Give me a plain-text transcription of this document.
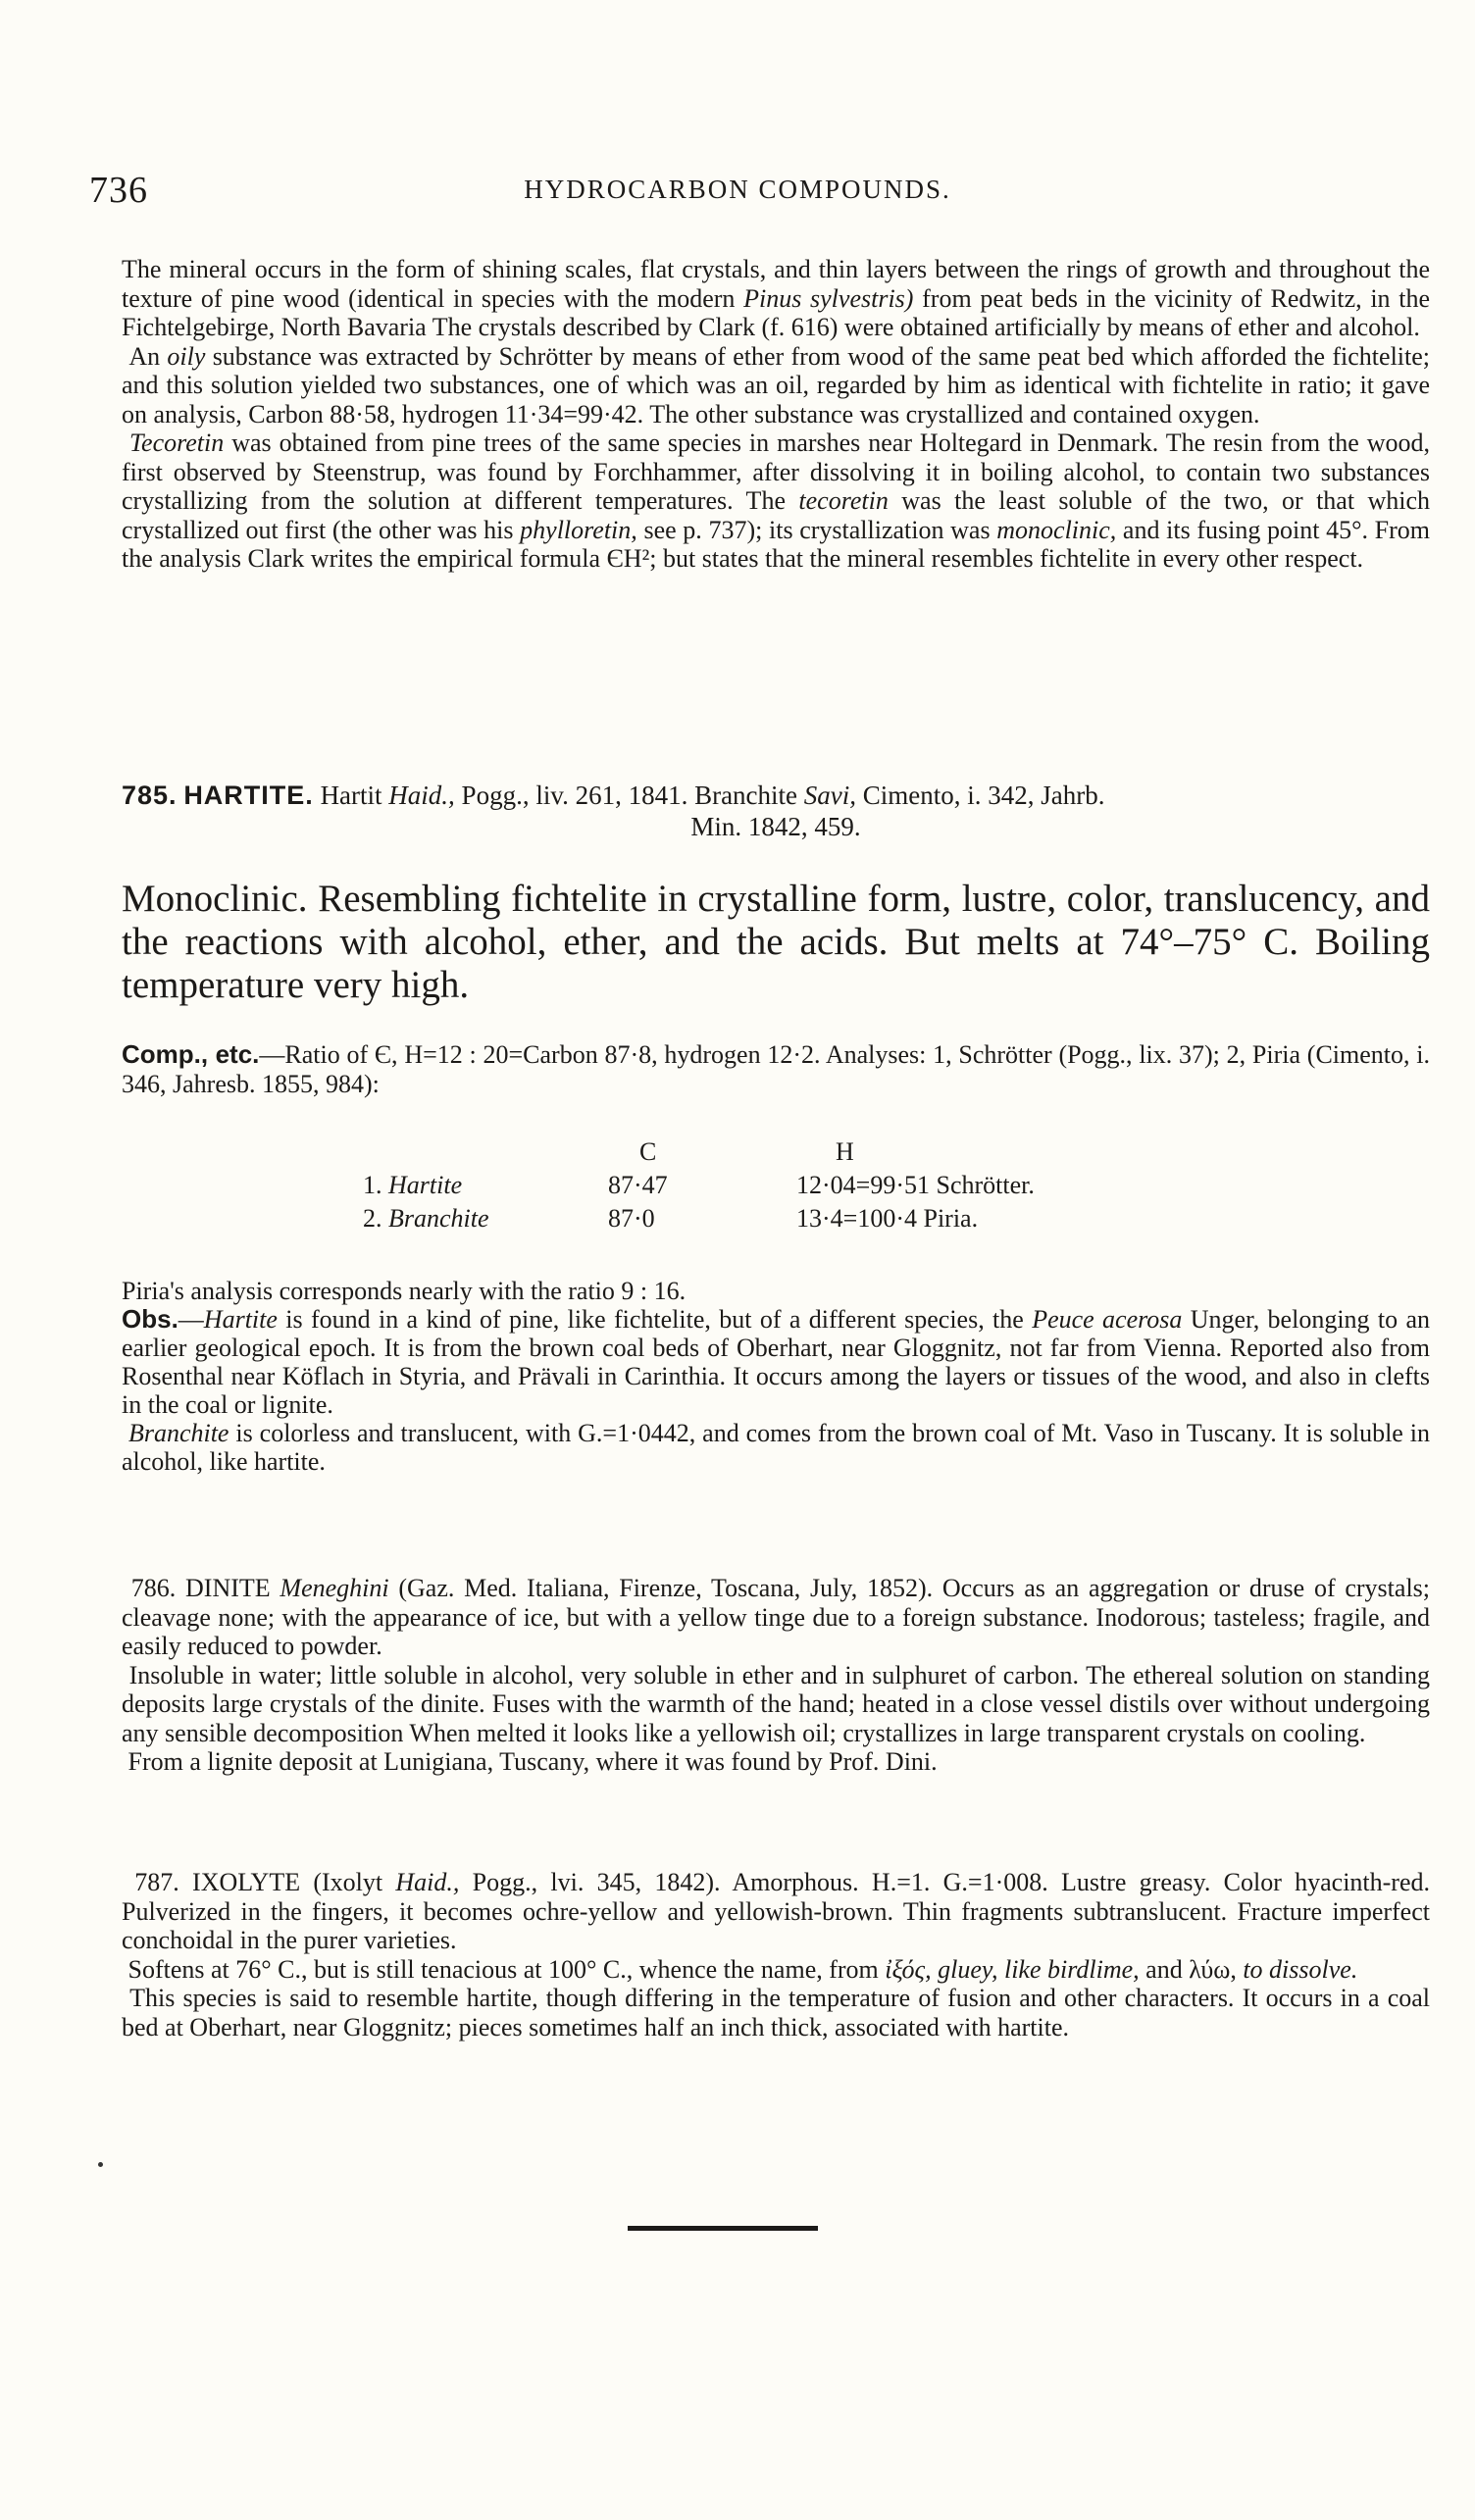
736	HYDROCARBON COMPOUNDS.

The mineral occurs in the form of shining scales, flat crystals, and thin layers between the rings of growth and throughout the texture of pine wood (identical in species with the modern Pinus sylvestris) from peat beds in the vicinity of Redwitz, in the Fichtelgebirge, North Bavaria The crystals described by Clark (f. 616) were obtained artificially by means of ether and alcohol.

An oily substance was extracted by Schrötter by means of ether from wood of the same peat bed which afforded the fichtelite; and this solution yielded two substances, one of which was an oil, regarded by him as identical with fichtelite in ratio; it gave on analysis, Carbon 88·58, hydrogen 11·34=99·42. The other substance was crystallized and contained oxygen.

Tecoretin was obtained from pine trees of the same species in marshes near Holtegard in Denmark. The resin from the wood, first observed by Steenstrup, was found by Forchhammer, after dissolving it in boiling alcohol, to contain two substances crystallizing from the solution at different temperatures. The tecoretin was the least soluble of the two, or that which crystallized out first (the other was his phylloretin, see p. 737); its crystallization was monoclinic, and its fusing point 45°. From the analysis Clark writes the empirical formula ЄH²; but states that the mineral resembles fichtelite in every other respect.

785. HARTITE. Hartit Haid., Pogg., liv. 261, 1841. Branchite Savi, Cimento, i. 342, Jahrb.
Min. 1842, 459.

Monoclinic. Resembling fichtelite in crystalline form, lustre, color, translucency, and the reactions with alcohol, ether, and the acids. But melts at 74°–75° C. Boiling temperature very high.

Comp., etc.—Ratio of Є, H=12 : 20=Carbon 87·8, hydrogen 12·2. Analyses: 1, Schrötter (Pogg., lix. 37); 2, Piria (Cimento, i. 346, Jahresb. 1855, 984):

	C	H
1. Hartite	87·47	12·04=99·51 Schrötter.
2. Branchite	87·0	13·4=100·4 Piria.

Piria's analysis corresponds nearly with the ratio 9 : 16.

Obs.—Hartite is found in a kind of pine, like fichtelite, but of a different species, the Peuce acerosa Unger, belonging to an earlier geological epoch. It is from the brown coal beds of Oberhart, near Gloggnitz, not far from Vienna. Reported also from Rosenthal near Köflach in Styria, and Prävali in Carinthia. It occurs among the layers or tissues of the wood, and also in clefts in the coal or lignite.

Branchite is colorless and translucent, with G.=1·0442, and comes from the brown coal of Mt. Vaso in Tuscany. It is soluble in alcohol, like hartite.

786. DINITE Meneghini (Gaz. Med. Italiana, Firenze, Toscana, July, 1852). Occurs as an aggregation or druse of crystals; cleavage none; with the appearance of ice, but with a yellow tinge due to a foreign substance. Inodorous; tasteless; fragile, and easily reduced to powder.

Insoluble in water; little soluble in alcohol, very soluble in ether and in sulphuret of carbon. The ethereal solution on standing deposits large crystals of the dinite. Fuses with the warmth of the hand; heated in a close vessel distils over without undergoing any sensible decomposition When melted it looks like a yellowish oil; crystallizes in large transparent crystals on cooling.

From a lignite deposit at Lunigiana, Tuscany, where it was found by Prof. Dini.

787. IXOLYTE (Ixolyt Haid., Pogg., lvi. 345, 1842). Amorphous. H.=1. G.=1·008. Lustre greasy. Color hyacinth-red. Pulverized in the fingers, it becomes ochre-yellow and yellowish-brown. Thin fragments subtranslucent. Fracture imperfect conchoidal in the purer varieties.

Softens at 76° C., but is still tenacious at 100° C., whence the name, from ἰξός, gluey, like birdlime, and λύω, to dissolve.

This species is said to resemble hartite, though differing in the temperature of fusion and other characters. It occurs in a coal bed at Oberhart, near Gloggnitz; pieces sometimes half an inch thick, associated with hartite.
